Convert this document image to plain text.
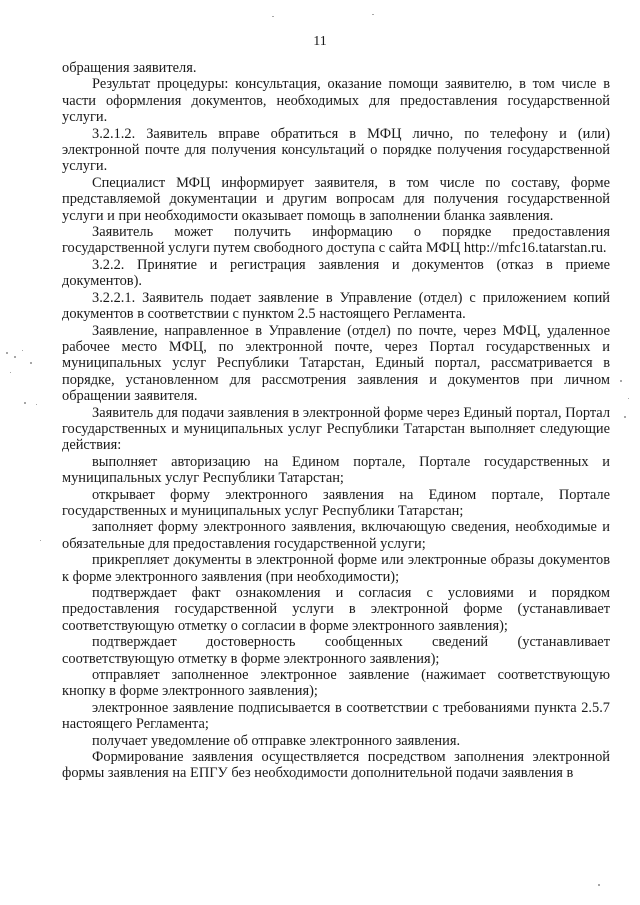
11

обращения заявителя.

Результат процедуры: консультация, оказание помощи заявителю, в том числе в части оформления документов, необходимых для предоставления государственной услуги.

3.2.1.2. Заявитель вправе обратиться в МФЦ лично, по телефону и (или) электронной почте для получения консультаций о порядке получения государственной услуги.

Специалист МФЦ информирует заявителя, в том числе по составу, форме представляемой документации и другим вопросам для получения государственной услуги и при необходимости оказывает помощь в заполнении бланка заявления.

Заявитель может получить информацию о порядке предоставления государственной услуги путем свободного доступа с сайта МФЦ http://mfc16.tatarstan.ru.

3.2.2. Принятие и регистрация заявления и документов (отказ в приеме документов).

3.2.2.1. Заявитель подает заявление в Управление (отдел) с приложением копий документов в соответствии с пунктом 2.5 настоящего Регламента.

Заявление, направленное в Управление (отдел) по почте, через МФЦ, удаленное рабочее место МФЦ, по электронной почте, через Портал государственных и муниципальных услуг Республики Татарстан, Единый портал, рассматривается в порядке, установленном для рассмотрения заявления и документов при личном обращении заявителя.

Заявитель для подачи заявления в электронной форме через Единый портал, Портал государственных и муниципальных услуг Республики Татарстан выполняет следующие действия:

выполняет авторизацию на Едином портале, Портале государственных и муниципальных услуг Республики Татарстан;

открывает форму электронного заявления на Едином портале, Портале государственных и муниципальных услуг Республики Татарстан;

заполняет форму электронного заявления, включающую сведения, необходимые и обязательные для предоставления государственной услуги;

прикрепляет документы в электронной форме или электронные образы документов к форме электронного заявления (при необходимости);

подтверждает факт ознакомления и согласия с условиями и порядком предоставления государственной услуги в электронной форме (устанавливает соответствующую отметку о согласии в форме электронного заявления);

подтверждает достоверность сообщенных сведений (устанавливает соответствующую отметку в форме электронного заявления);

отправляет заполненное электронное заявление (нажимает соответствующую кнопку в форме электронного заявления);

электронное заявление подписывается в соответствии с требованиями пункта 2.5.7 настоящего Регламента;

получает уведомление об отправке электронного заявления.

Формирование заявления осуществляется посредством заполнения электронной формы заявления на ЕПГУ без необходимости дополнительной подачи заявления в
